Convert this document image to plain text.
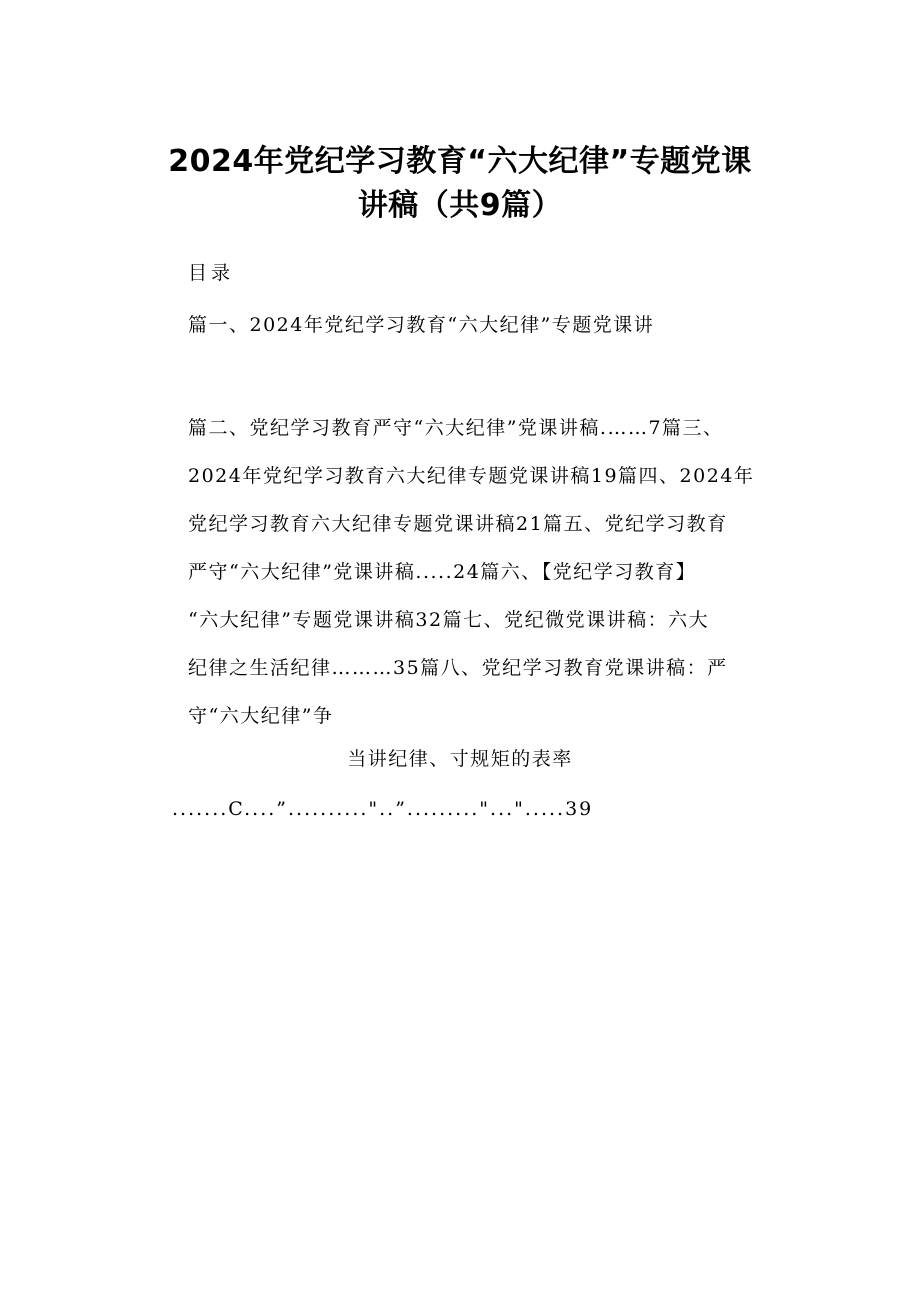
2024年党纪学习教育“六大纪律”专题党课
讲稿（共9篇）
目录
篇一、2024年党纪学习教育“六大纪律”专题党课讲
篇二、党纪学习教育严守“六大纪律”党课讲稿.……7篇三、
2024年党纪学习教育六大纪律专题党课讲稿19篇四、2024年
党纪学习教育六大纪律专题党课讲稿21篇五、党纪学习教育
严守“六大纪律”党课讲稿.....24篇六、【党纪学习教育】
“六大纪律”专题党课讲稿32篇七、党纪微党课讲稿：六大
纪律之生活纪律………35篇八、党纪学习教育党课讲稿：严
守“六大纪律”争
当讲纪律、寸规矩的表率
.......C....”.........."..”........."...".....39
